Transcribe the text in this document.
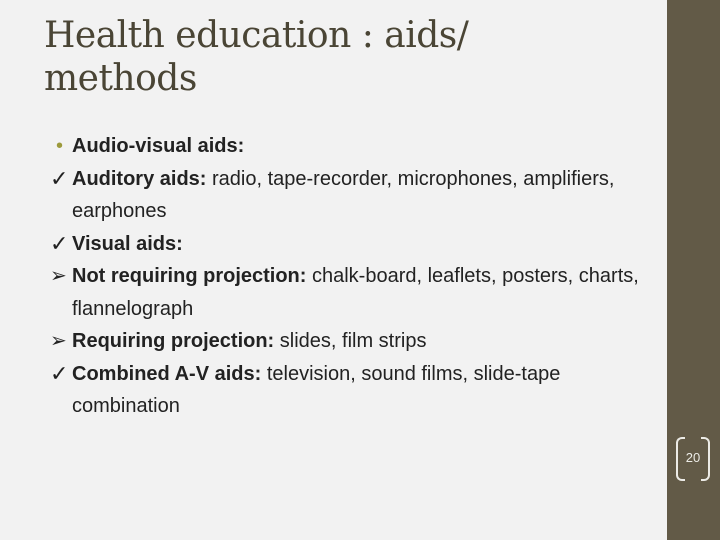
Health education : aids/ methods
• Audio-visual aids:
✓ Auditory aids: radio, tape-recorder, microphones, amplifiers, earphones
✓ Visual aids:
➢ Not requiring projection: chalk-board, leaflets, posters, charts, flannelograph
➢ Requiring projection: slides, film strips
✓ Combined A-V aids: television, sound films, slide-tape combination
20
